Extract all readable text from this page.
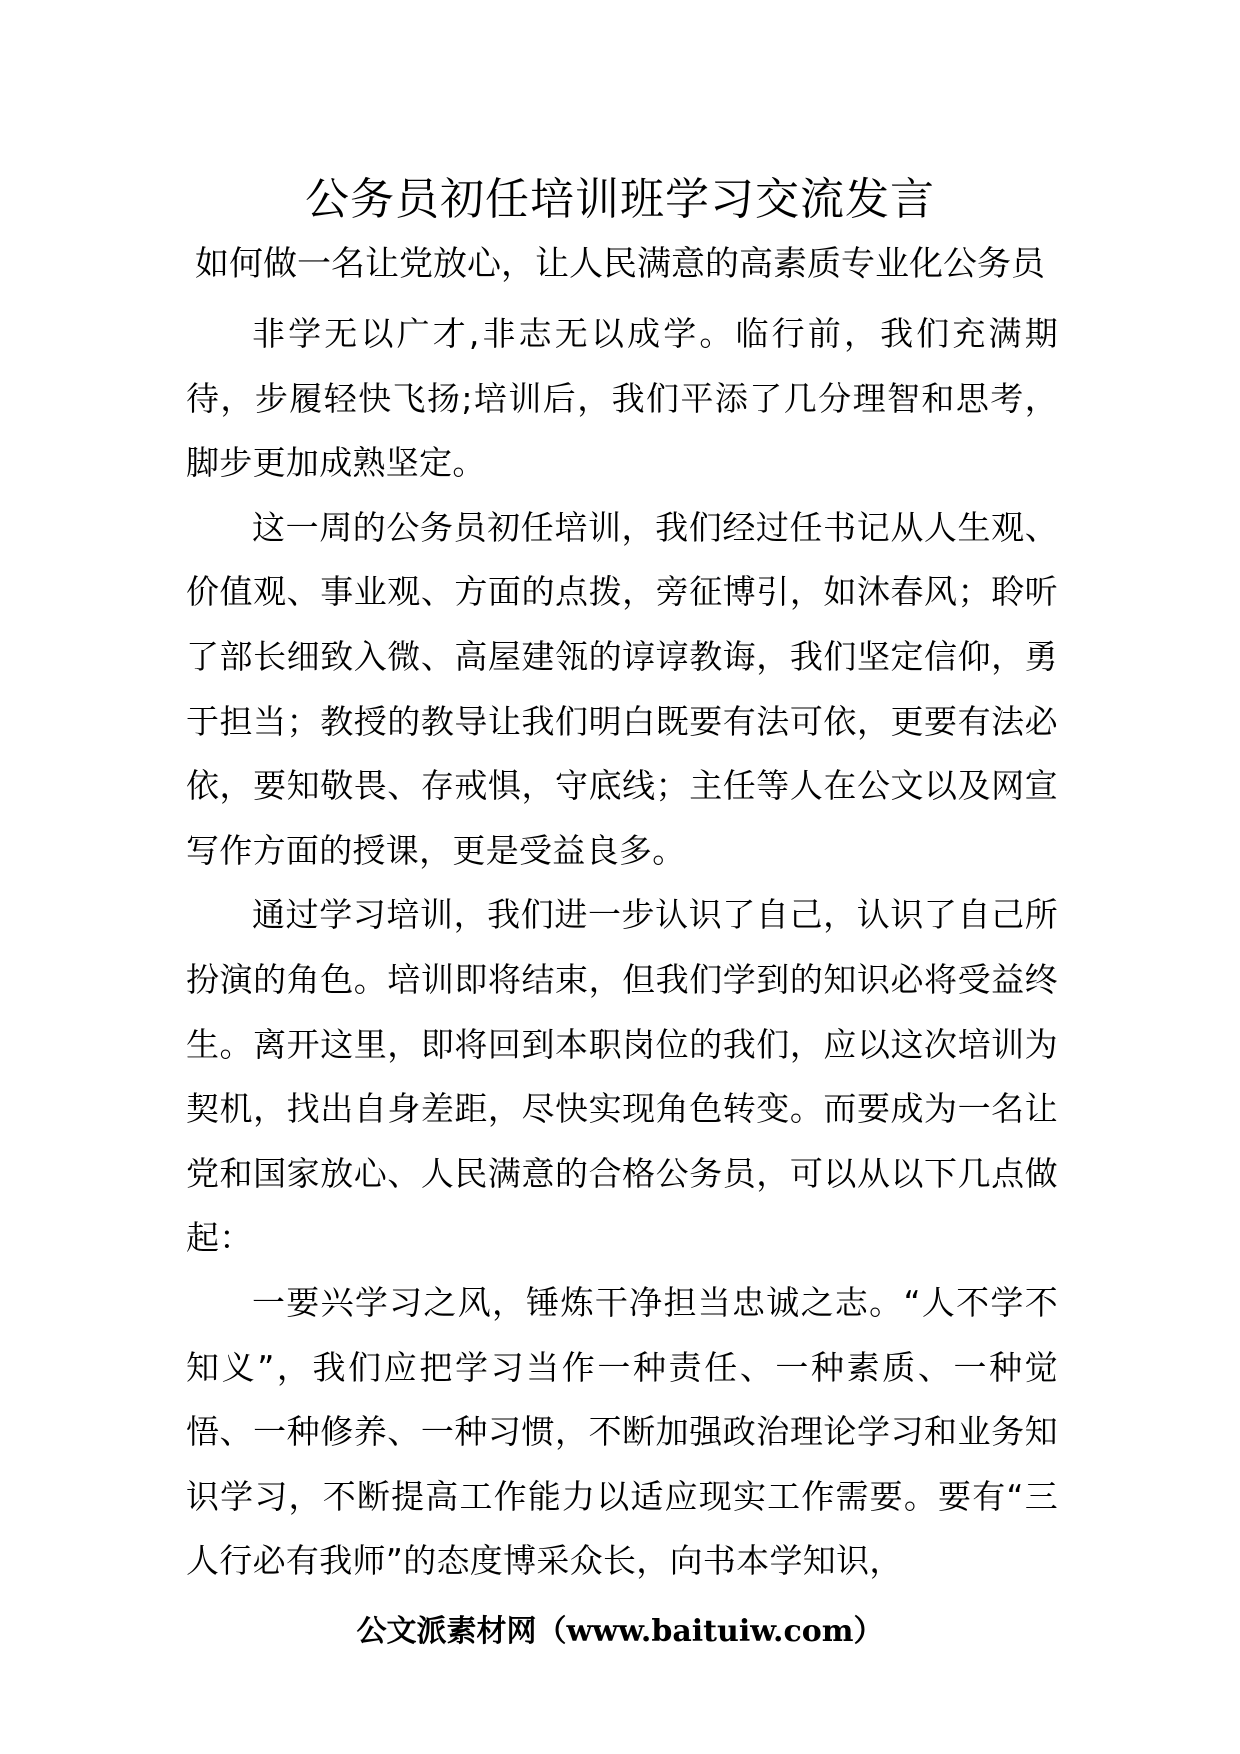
公务员初任培训班学习交流发言

如何做一名让党放心，让人民满意的高素质专业化公务员

非学无以广才,非志无以成学。临行前，我们充满期待，步履轻快飞扬;培训后，我们平添了几分理智和思考，脚步更加成熟坚定。

这一周的公务员初任培训，我们经过任书记从人生观、价值观、事业观、方面的点拨，旁征博引，如沐春风；聆听了部长细致入微、高屋建瓴的谆谆教诲，我们坚定信仰，勇于担当；教授的教导让我们明白既要有法可依，更要有法必依，要知敬畏、存戒惧，守底线；主任等人在公文以及网宣写作方面的授课，更是受益良多。

通过学习培训，我们进一步认识了自己，认识了自己所扮演的角色。培训即将结束，但我们学到的知识必将受益终生。离开这里，即将回到本职岗位的我们，应以这次培训为契机，找出自身差距，尽快实现角色转变。而要成为一名让党和国家放心、人民满意的合格公务员，可以从以下几点做起：

一要兴学习之风，锤炼干净担当忠诚之志。“人不学不知义”，我们应把学习当作一种责任、一种素质、一种觉悟、一种修养、一种习惯，不断加强政治理论学习和业务知识学习，不断提高工作能力以适应现实工作需要。要有“三人行必有我师”的态度博采众长，向书本学知识，

公文派素材网（www.baituiw.com）
